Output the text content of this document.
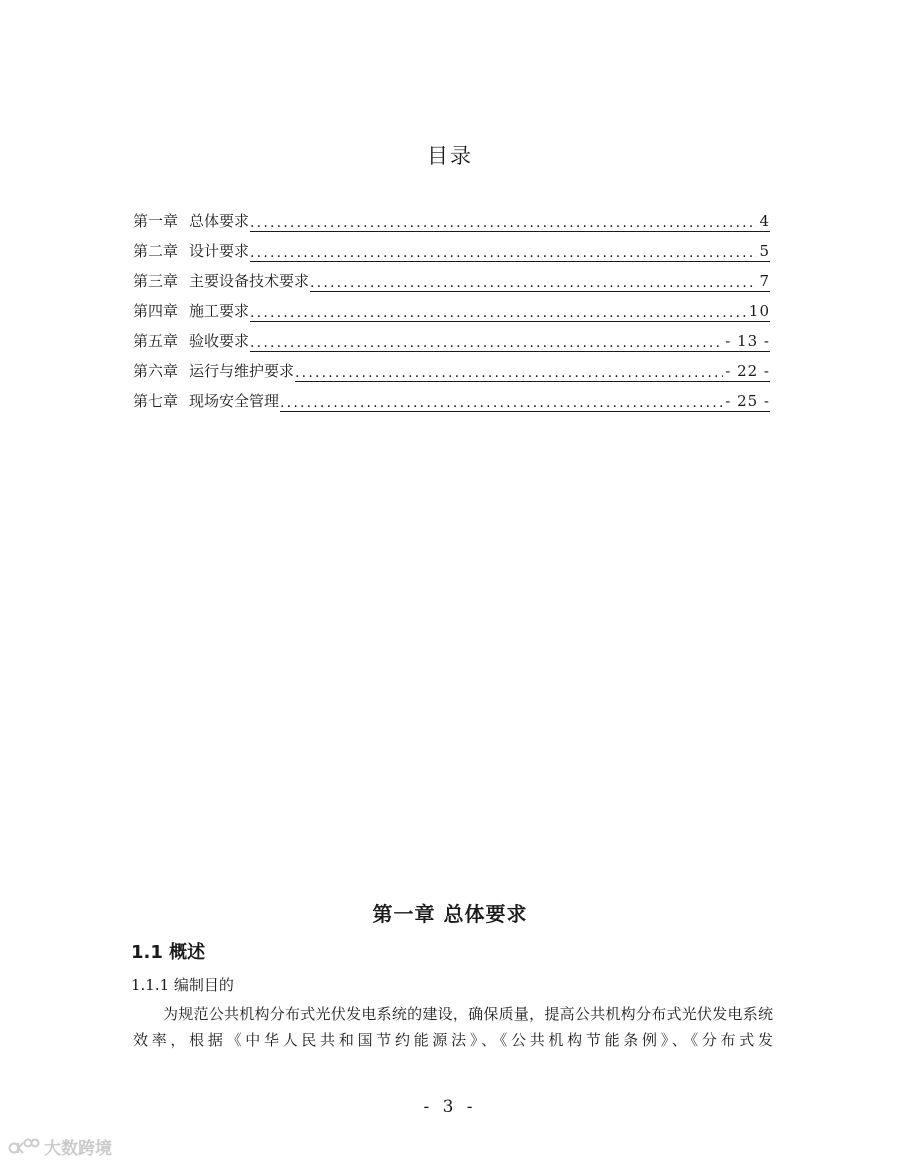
目录
第一章 总体要求 .....	4
第二章 设计要求 .....	5
第三章 主要设备技术要求 .....	7
第四章 施工要求 .....	10
第五章 验收要求 .....	- 13 -
第六章 运行与维护要求 .....	- 22 -
第七章 现场安全管理 .....	- 25 -
第一章 总体要求
1.1 概述
1.1.1 编制目的

为规范公共机构分布式光伏发电系统的建设，确保质量，提高公共机构分布式光伏发电系统效率，根据《中华人民共和国节约能源法》、《公共机构节能条例》、《分布式发

- 3 -
大数跨境
